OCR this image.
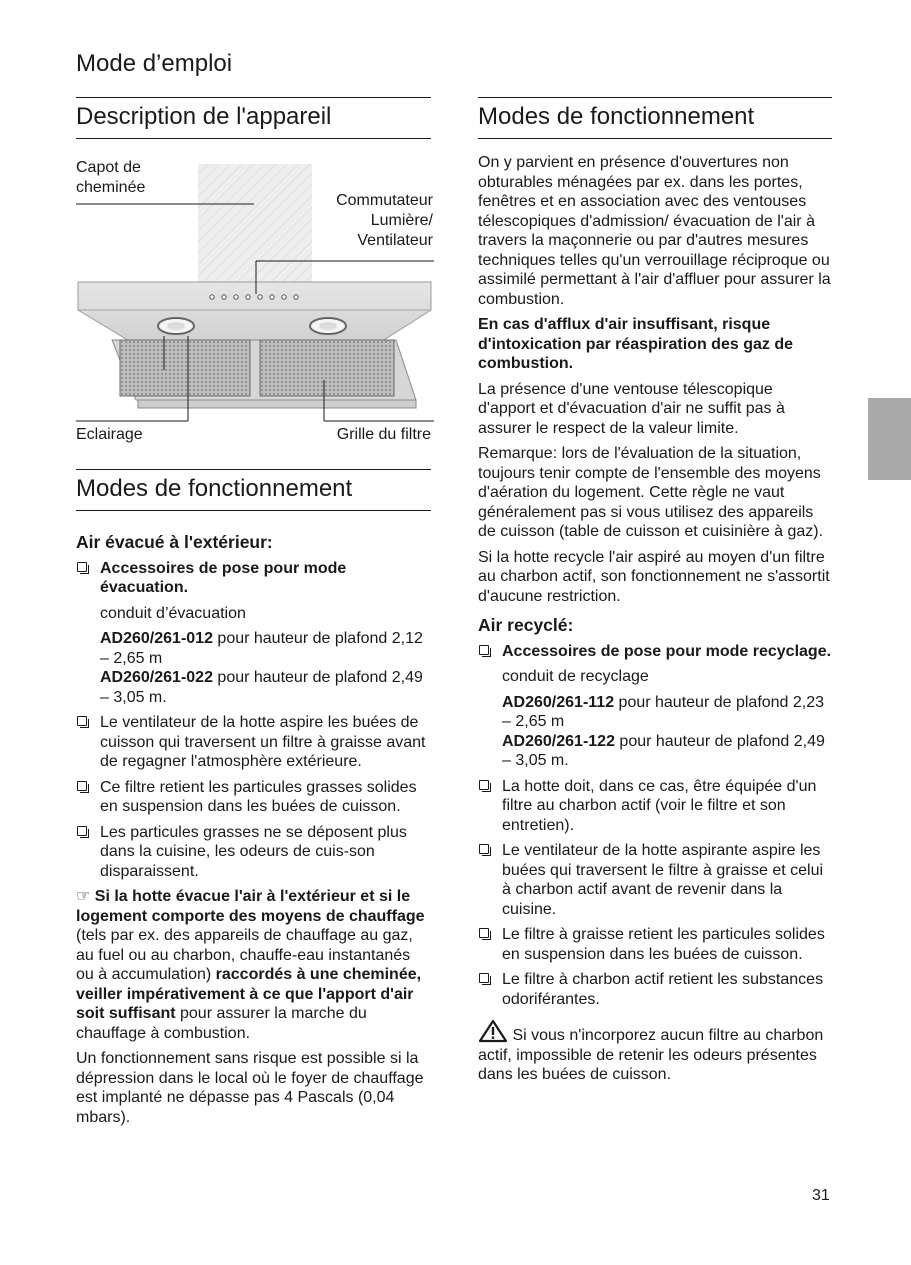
Mode d’emploi
Description de l'appareil
Capot de cheminée
Commutateur Lumière/ Ventilateur
Eclairage	Grille du filtre
Modes de fonctionnement
Air évacué à l'extérieur:
Accessoires de pose pour mode évacuation.
conduit d’évacuation
AD260/261-012 pour hauteur de plafond 2,12 – 2,65 m
AD260/261-022 pour hauteur de plafond 2,49 – 3,05 m.
Le ventilateur de la hotte aspire les buées de cuisson qui traversent un filtre à graisse avant de regagner l'atmosphère extérieure.
Ce filtre retient les particules grasses solides en suspension dans les buées de cuisson.
Les particules grasses ne se déposent plus dans la cuisine, les odeurs de cuis-son disparaissent.

☞ Si la hotte évacue l'air à l'extérieur et si le logement comporte des moyens de chauffage (tels par ex. des appareils de chauffage au gaz, au fuel ou au charbon, chauffe-eau instantanés ou à accumulation) raccordés à une cheminée, veiller impérativement à ce que l'apport d'air soit suffisant pour assurer la marche du chauffage à combustion.

Un fonctionnement sans risque est possible si la dépression dans le local où le foyer de chauffage est implanté ne dépasse pas 4 Pascals (0,04 mbars).

Modes de fonctionnement

On y parvient en présence d'ouvertures non obturables ménagées par ex. dans les portes, fenêtres et en association avec des ventouses télescopiques d'admission/ évacuation de l'air à travers la maçonnerie ou par d'autres mesures techniques telles qu'un verrouillage réciproque ou assimilé permettant à l'air d'affluer pour assurer la combustion.

En cas d'afflux d'air insuffisant, risque d'intoxication par réaspiration des gaz de combustion.

La présence d'une ventouse télescopique d'apport et d'évacuation d'air ne suffit pas à assurer le respect de la valeur limite.

Remarque: lors de l'évaluation de la situation, toujours tenir compte de l'ensemble des moyens d'aération du logement. Cette règle ne vaut généralement pas si vous utilisez des appareils de cuisson (table de cuisson et cuisinière à gaz).

Si la hotte recycle l'air aspiré au moyen d'un filtre au charbon actif, son fonctionnement ne s'assortit d'aucune restriction.

Air recyclé:
Accessoires de pose pour mode recyclage.
conduit de recyclage
AD260/261-112 pour hauteur de plafond 2,23 – 2,65 m
AD260/261-122 pour hauteur de plafond 2,49 – 3,05 m.
La hotte doit, dans ce cas, être équipée d'un filtre au charbon actif (voir le filtre et son entretien).
Le ventilateur de la hotte aspirante aspire les buées qui traversent le filtre à graisse et celui à charbon actif avant de revenir dans la cuisine.
Le filtre à graisse retient les particules solides en suspension dans les buées de cuisson.
Le filtre à charbon actif retient les substances odoriférantes.

Si vous n'incorporez aucun filtre au charbon actif, impossible de retenir les odeurs présentes dans les buées de cuisson.

31
